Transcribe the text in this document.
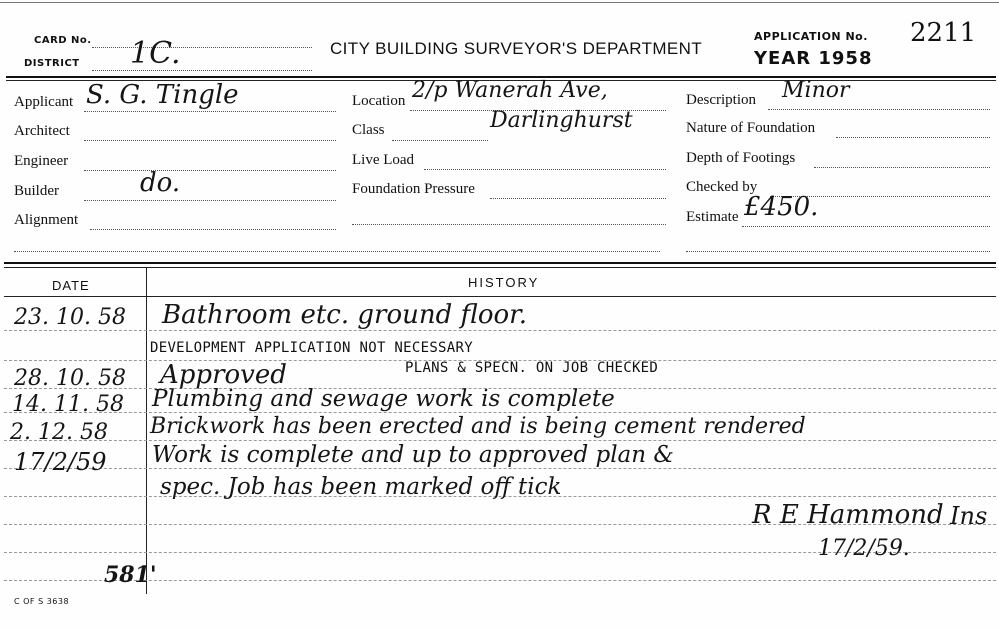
CARD No.
DISTRICT 1C.	CITY BUILDING SURVEYOR'S DEPARTMENT
APPLICATION No. 2211
YEAR 1958
Applicant S. G. Tingle
Architect
Engineer
Builder	do.
Alignment
Location 2/p Wanerah Ave,
Darlinghurst
Class
Live Load
Foundation Pressure
Description Minor
Nature of Foundation
Depth of Footings
Checked by
Estimate £450.
DATE	HISTORY
23. 10. 58 Bathroom etc. ground floor.
DEVELOPMENT APPLICATION NOT NECESSARY
28. 10. 58 Approved	PLANS & SPECN. ON JOB CHECKED
14. 11. 58 Plumbing and sewage work is complete
2. 12. 58 Brickwork has been erected and is being cement rendered
17/2/59 Work is complete and up to approved plan &
spec. Job has been marked off tick
R E Hammond Ins
17/2/59.
581'
C OF S 3638
